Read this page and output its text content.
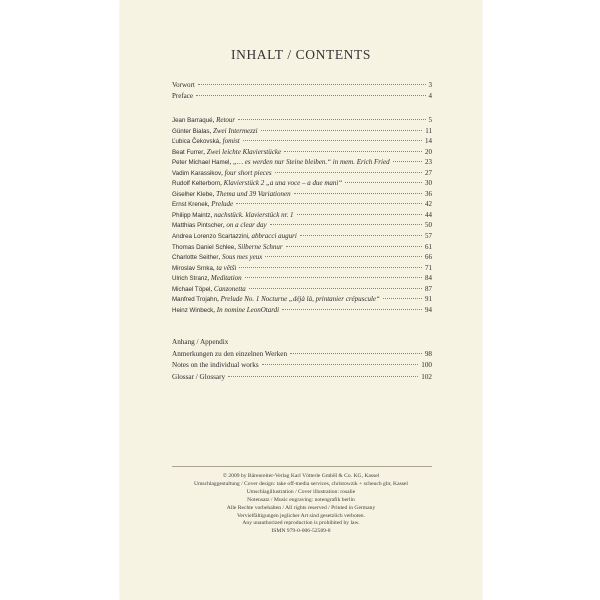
INHALT / CONTENTS
Vorwort	3
Preface	4
Jean Barraqué, Retour	5
Günter Bialas, Zwei Intermezzi	11
Ľubica Čekovská, fomist	14
Beat Furrer, Zwei leichte Klavierstücke	20
Peter Michael Hamel, „… es werden nur Steine bleiben.“ in mem. Erich Fried	23
Vadim Karassikov, four short pieces	27
Rudolf Kelterborn, Klavierstück 2 „a una voce – a due mani“	30
Giselher Klebe, Thema und 39 Variationen	36
Ernst Krenek, Prelude	42
Philipp Maintz, nachstück. klavierstück nr. 1	44
Matthias Pintscher, on a clear day	50
Andrea Lorenzo Scartazzini, abbracci auguri	57
Thomas Daniel Schlee, Silberne Schnur	61
Charlotte Seither, Sous mes yeux	66
Miroslav Srnka, ta větší	71
Ulrich Stranz, Meditation	84
Michael Töpel, Canzonetta	87
Manfred Trojahn, Prelude No. 1 Nocturne „déjà là, printanier crépuscule“	91
Heinz Winbeck, In nomine LeonOtardi	94
Anhang / Appendix
Anmerkungen zu den einzelnen Werken	98
Notes on the individual works	100
Glossar / Glossary	102
© 2009 by Bärenreiter-Verlag Karl Vötterle GmbH & Co. KG, Kassel
Umschlaggestaltung / Cover design: take off-media services, christowzik + scheuch gbr, Kassel
Umschlagillustration / Cover illustration: rosalie
Notensatz / Music engraving: notengrafik berlin
Alle Rechte vorbehalten / All rights reserved / Printed in Germany
Vervielfältigungen jeglicher Art sind gesetzlich verboten.
Any unauthorized reproduction is prohibited by law.
ISMN 979-0-006-52589-8
